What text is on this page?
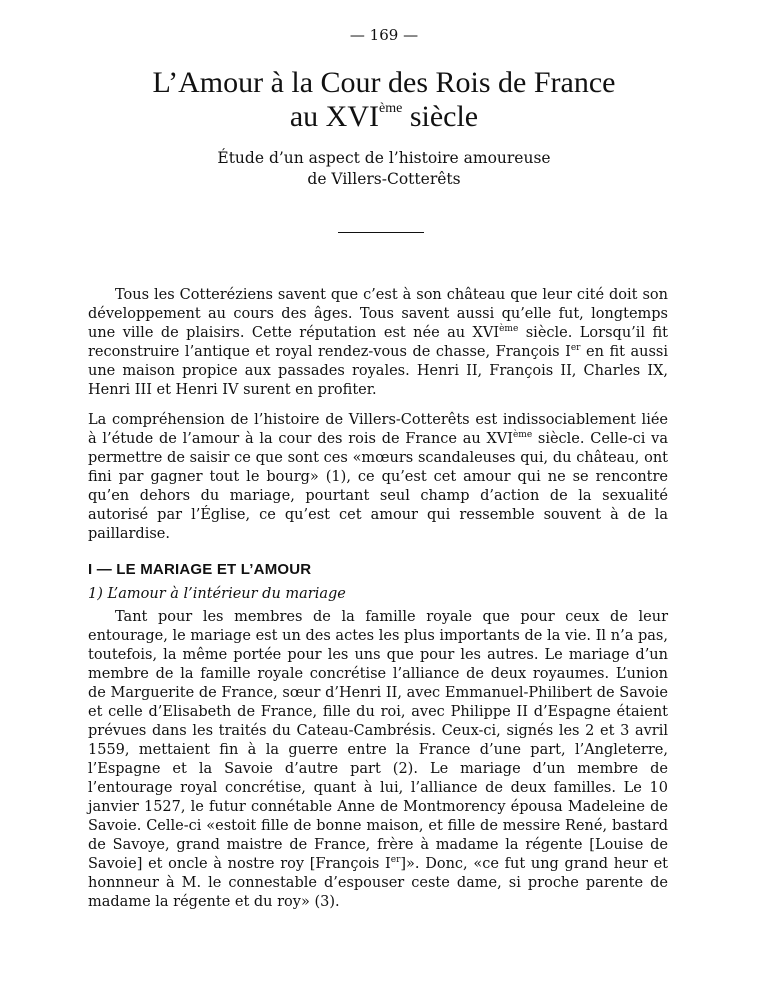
— 169 —
L’Amour à la Cour des Rois de France
au XVIème siècle

Étude d’un aspect de l’histoire amoureuse
de Villers-Cotterêts

Tous les Cotteréziens savent que c’est à son château que leur cité doit son développement au cours des âges. Tous savent aussi qu’elle fut, longtemps une ville de plaisirs. Cette réputation est née au XVIème siècle. Lorsqu’il fit reconstruire l’antique et royal rendez-vous de chasse, François Ier en fit aussi une maison propice aux passades royales. Henri II, François II, Charles IX, Henri III et Henri IV surent en profiter.

La compréhension de l’histoire de Villers-Cotterêts est indissociablement liée à l’étude de l’amour à la cour des rois de France au XVIème siècle. Celle-ci va permettre de saisir ce que sont ces «mœurs scandaleuses qui, du château, ont fini par gagner tout le bourg» (1), ce qu’est cet amour qui ne se rencontre qu’en dehors du mariage, pourtant seul champ d’action de la sexualité autorisé par l’Église, ce qu’est cet amour qui ressemble souvent à de la paillardise.

I — LE MARIAGE ET L’AMOUR
1) L’amour à l’intérieur du mariage

Tant pour les membres de la famille royale que pour ceux de leur entourage, le mariage est un des actes les plus importants de la vie. Il n’a pas, toutefois, la même portée pour les uns que pour les autres. Le mariage d’un membre de la famille royale concrétise l’alliance de deux royaumes. L’union de Marguerite de France, sœur d’Henri II, avec Emmanuel-Philibert de Savoie et celle d’Elisabeth de France, fille du roi, avec Philippe II d’Espagne étaient prévues dans les traités du Cateau-Cambrésis. Ceux-ci, signés les 2 et 3 avril 1559, mettaient fin à la guerre entre la France d’une part, l’Angleterre, l’Espagne et la Savoie d’autre part (2). Le mariage d’un membre de l’entourage royal concrétise, quant à lui, l’alliance de deux familles. Le 10 janvier 1527, le futur connétable Anne de Montmorency épousa Madeleine de Savoie. Celle-ci «estoit fille de bonne maison, et fille de messire René, bastard de Savoye, grand maistre de France, frère à madame la régente [Louise de Savoie] et oncle à nostre roy [François Ier]». Donc, «ce fut ung grand heur et honnneur à M. le connestable d’espouser ceste dame, si proche parente de madame la régente et du roy» (3).
